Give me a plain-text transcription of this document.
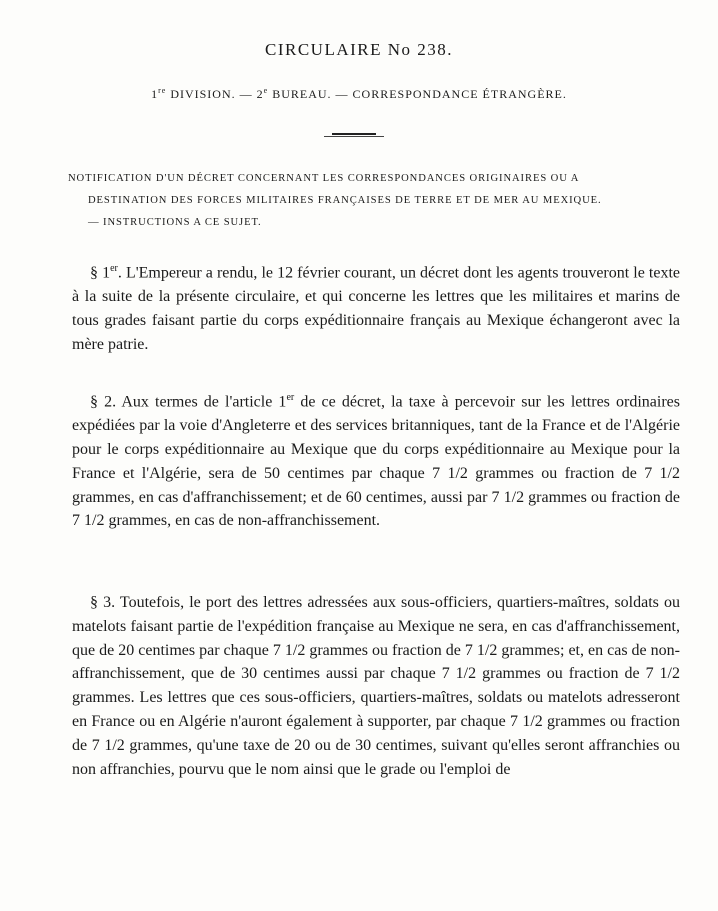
CIRCULAIRE No 238.
1re DIVISION. — 2e BUREAU. — CORRESPONDANCE ÉTRANGÈRE.
NOTIFICATION D'UN DÉCRET CONCERNANT LES CORRESPONDANCES ORIGINAIRES OU A
DESTINATION DES FORCES MILITAIRES FRANÇAISES DE TERRE ET DE MER AU MEXIQUE.
— INSTRUCTIONS A CE SUJET.
§ 1er. L'Empereur a rendu, le 12 février courant, un décret dont les agents trouveront le texte à la suite de la présente circulaire, et qui concerne les lettres que les militaires et marins de tous grades faisant partie du corps expéditionnaire français au Mexique échangeront avec la mère patrie.
§ 2. Aux termes de l'article 1er de ce décret, la taxe à percevoir sur les lettres ordinaires expédiées par la voie d'Angleterre et des services britanniques, tant de la France et de l'Algérie pour le corps expéditionnaire au Mexique que du corps expéditionnaire au Mexique pour la France et l'Algérie, sera de 50 centimes par chaque 7 1/2 grammes ou fraction de 7 1/2 grammes, en cas d'affranchissement; et de 60 centimes, aussi par 7 1/2 grammes ou fraction de 7 1/2 grammes, en cas de non-affranchissement.
§ 3. Toutefois, le port des lettres adressées aux sous-officiers, quartiers-maîtres, soldats ou matelots faisant partie de l'expédition française au Mexique ne sera, en cas d'affranchissement, que de 20 centimes par chaque 7 1/2 grammes ou fraction de 7 1/2 grammes; et, en cas de non-affranchissement, que de 30 centimes aussi par chaque 7 1/2 grammes ou fraction de 7 1/2 grammes. Les lettres que ces sous-officiers, quartiers-maîtres, soldats ou matelots adresseront en France ou en Algérie n'auront également à supporter, par chaque 7 1/2 grammes ou fraction de 7 1/2 grammes, qu'une taxe de 20 ou de 30 centimes, suivant qu'elles seront affranchies ou non affranchies, pourvu que le nom ainsi que le grade ou l'emploi de
